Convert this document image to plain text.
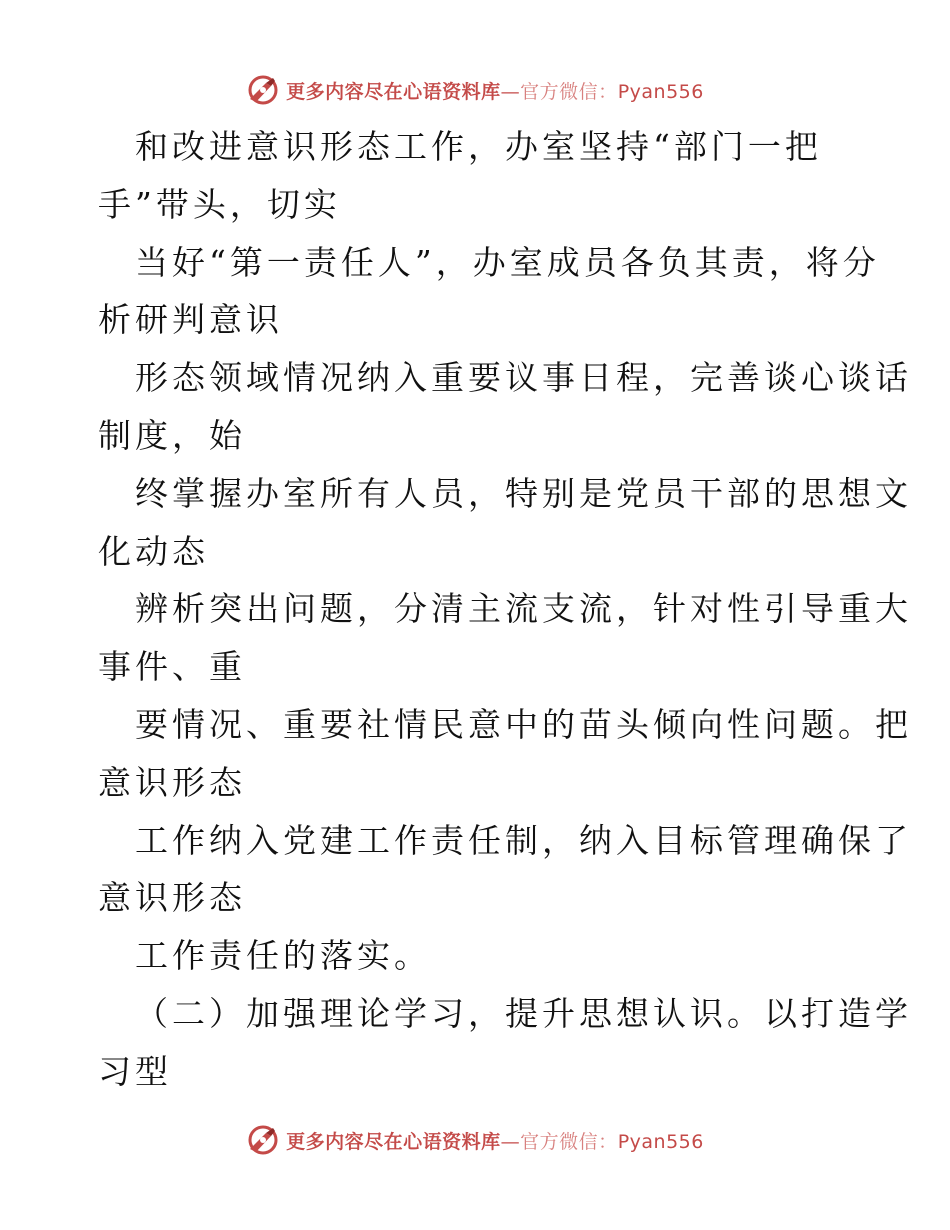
更多内容尽在心语资料库—官方微信：Pyan556
和改进意识形态工作，办室坚持“部门一把
手”带头，切实
当好“第一责任人”，办室成员各负其责，将分
析研判意识
形态领域情况纳入重要议事日程，完善谈心谈话
制度，始
终掌握办室所有人员，特别是党员干部的思想文
化动态
辨析突出问题，分清主流支流，针对性引导重大
事件、重
要情况、重要社情民意中的苗头倾向性问题。把
意识形态
工作纳入党建工作责任制，纳入目标管理确保了
意识形态
工作责任的落实。
（二）加强理论学习，提升思想认识。以打造学
习型
更多内容尽在心语资料库—官方微信：Pyan556
